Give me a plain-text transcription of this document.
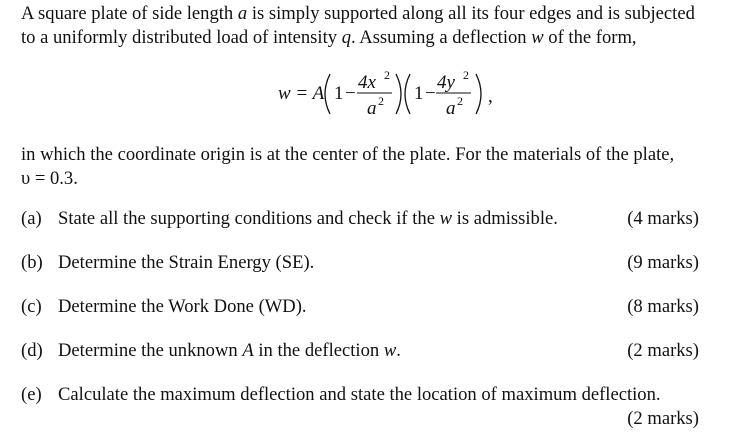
A square plate of side length a is simply supported along all its four edges and is subjected
to a uniformly distributed load of intensity q. Assuming a deflection w of the form,
w = A 1 −
4x 2
a 2 1 −
4y 2
a 2 ,
in which the coordinate origin is at the center of the plate. For the materials of the plate,
υ = 0.3.
(a) State all the supporting conditions and check if the w is admissible.	(4 marks)
(b) Determine the Strain Energy (SE).	(9 marks)
(c) Determine the Work Done (WD).	(8 marks)
(d) Determine the unknown A in the deflection w.	(2 marks)
(e) Calculate the maximum deflection and state the location of maximum deflection.
(2 marks)
